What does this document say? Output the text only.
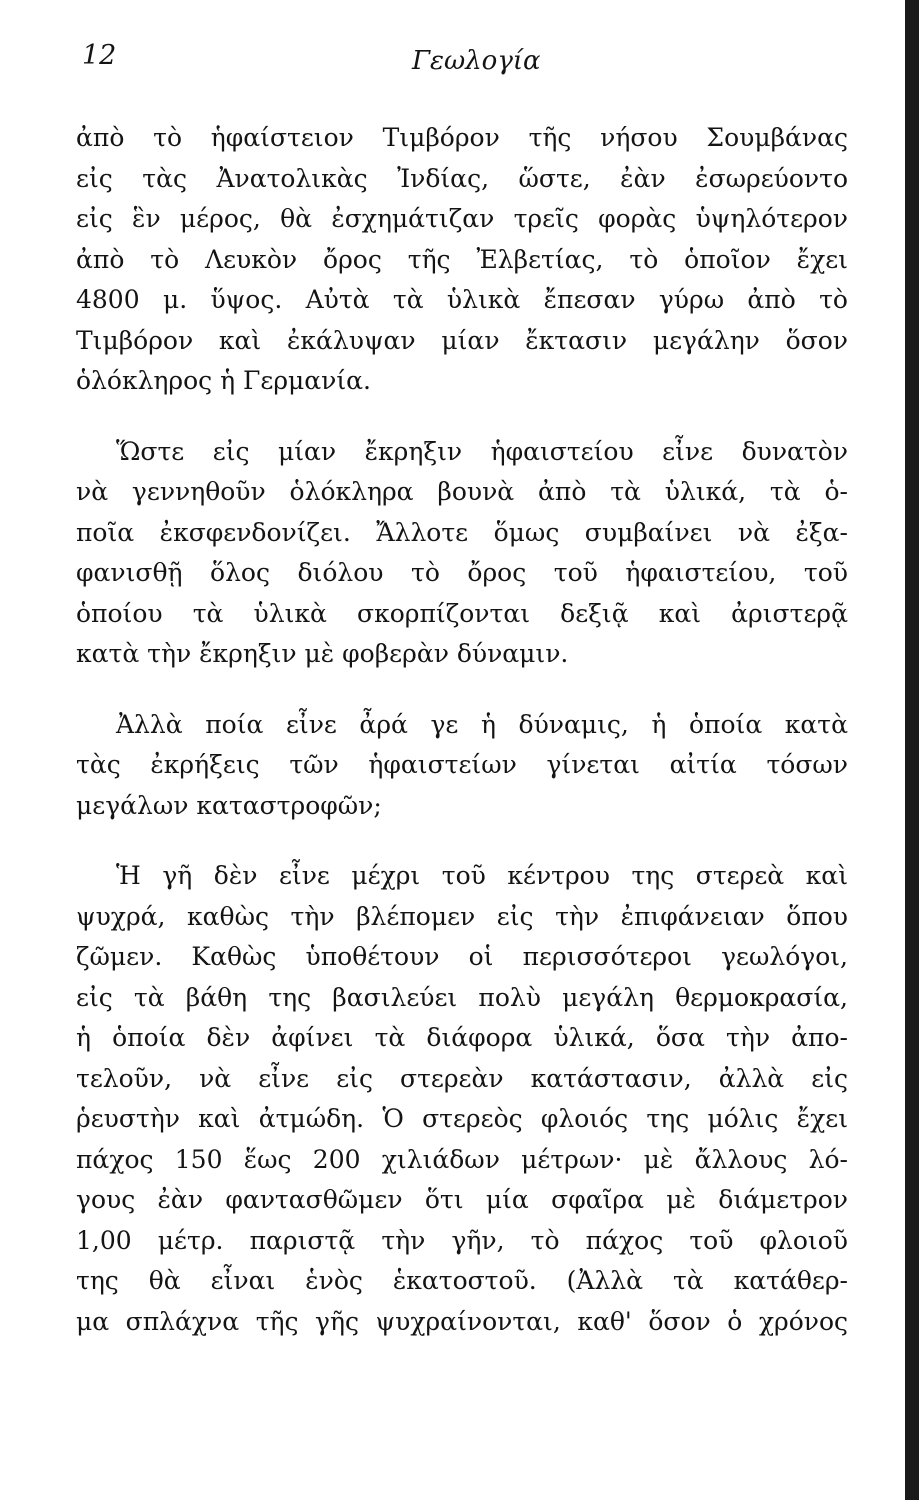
12	Γεωλογία

ἀπὸ τὸ ἡφαίστειον Τιμβόρον τῆς νήσου Σουμβάνας
εἰς τὰς Ἀνατολικὰς Ἰνδίας, ὥστε, ἐὰν ἐσωρεύοντο
εἰς ἓν μέρος, θὰ ἐσχημάτιζαν τρεῖς φορὰς ὑψηλότερον
ἀπὸ τὸ Λευκὸν ὄρος τῆς Ἐλβετίας, τὸ ὁποῖον ἔχει
4800 μ. ὕψος. Αὐτὰ τὰ ὑλικὰ ἔπεσαν γύρω ἀπὸ τὸ
Τιμβόρον καὶ ἐκάλυψαν μίαν ἔκτασιν μεγάλην ὅσον
ὁλόκληρος ἡ Γερμανία.

Ὥστε εἰς μίαν ἔκρηξιν ἡφαιστείου εἶνε δυνατὸν
νὰ γεννηθοῦν ὁλόκληρα βουνὰ ἀπὸ τὰ ὑλικά, τὰ ὁ-
ποῖα ἐκσφενδονίζει. Ἄλλοτε ὅμως συμβαίνει νὰ ἐξα-
φανισθῇ ὅλος διόλου τὸ ὄρος τοῦ ἡφαιστείου, τοῦ
ὁποίου τὰ ὑλικὰ σκορπίζονται δεξιᾷ καὶ ἀριστερᾷ
κατὰ τὴν ἔκρηξιν μὲ φοβερὰν δύναμιν.

Ἀλλὰ ποία εἶνε ἆρά γε ἡ δύναμις, ἡ ὁποία κατὰ
τὰς ἐκρήξεις τῶν ἡφαιστείων γίνεται αἰτία τόσων
μεγάλων καταστροφῶν;

Ἡ γῆ δὲν εἶνε μέχρι τοῦ κέντρου της στερεὰ καὶ
ψυχρά, καθὼς τὴν βλέπομεν εἰς τὴν ἐπιφάνειαν ὅπου
ζῶμεν. Καθὼς ὑποθέτουν οἱ περισσότεροι γεωλόγοι,
εἰς τὰ βάθη της βασιλεύει πολὺ μεγάλη θερμοκρασία,
ἡ ὁποία δὲν ἀφίνει τὰ διάφορα ὑλικά, ὅσα τὴν ἀπο-
τελοῦν, νὰ εἶνε εἰς στερεὰν κατάστασιν, ἀλλὰ εἰς
ῥευστὴν καὶ ἀτμώδη. Ὁ στερεὸς φλοιός της μόλις ἔχει
πάχος 150 ἕως 200 χιλιάδων μέτρων· μὲ ἄλλους λό-
γους ἐὰν φαντασθῶμεν ὅτι μία σφαῖρα μὲ διάμετρον
1,00 μέτρ. παριστᾷ τὴν γῆν, τὸ πάχος τοῦ φλοιοῦ
της θὰ εἶναι ἑνὸς ἑκατοστοῦ. (Ἀλλὰ τὰ κατάθερ-
μα σπλάχνα τῆς γῆς ψυχραίνονται, καθ' ὅσον ὁ χρόνος
